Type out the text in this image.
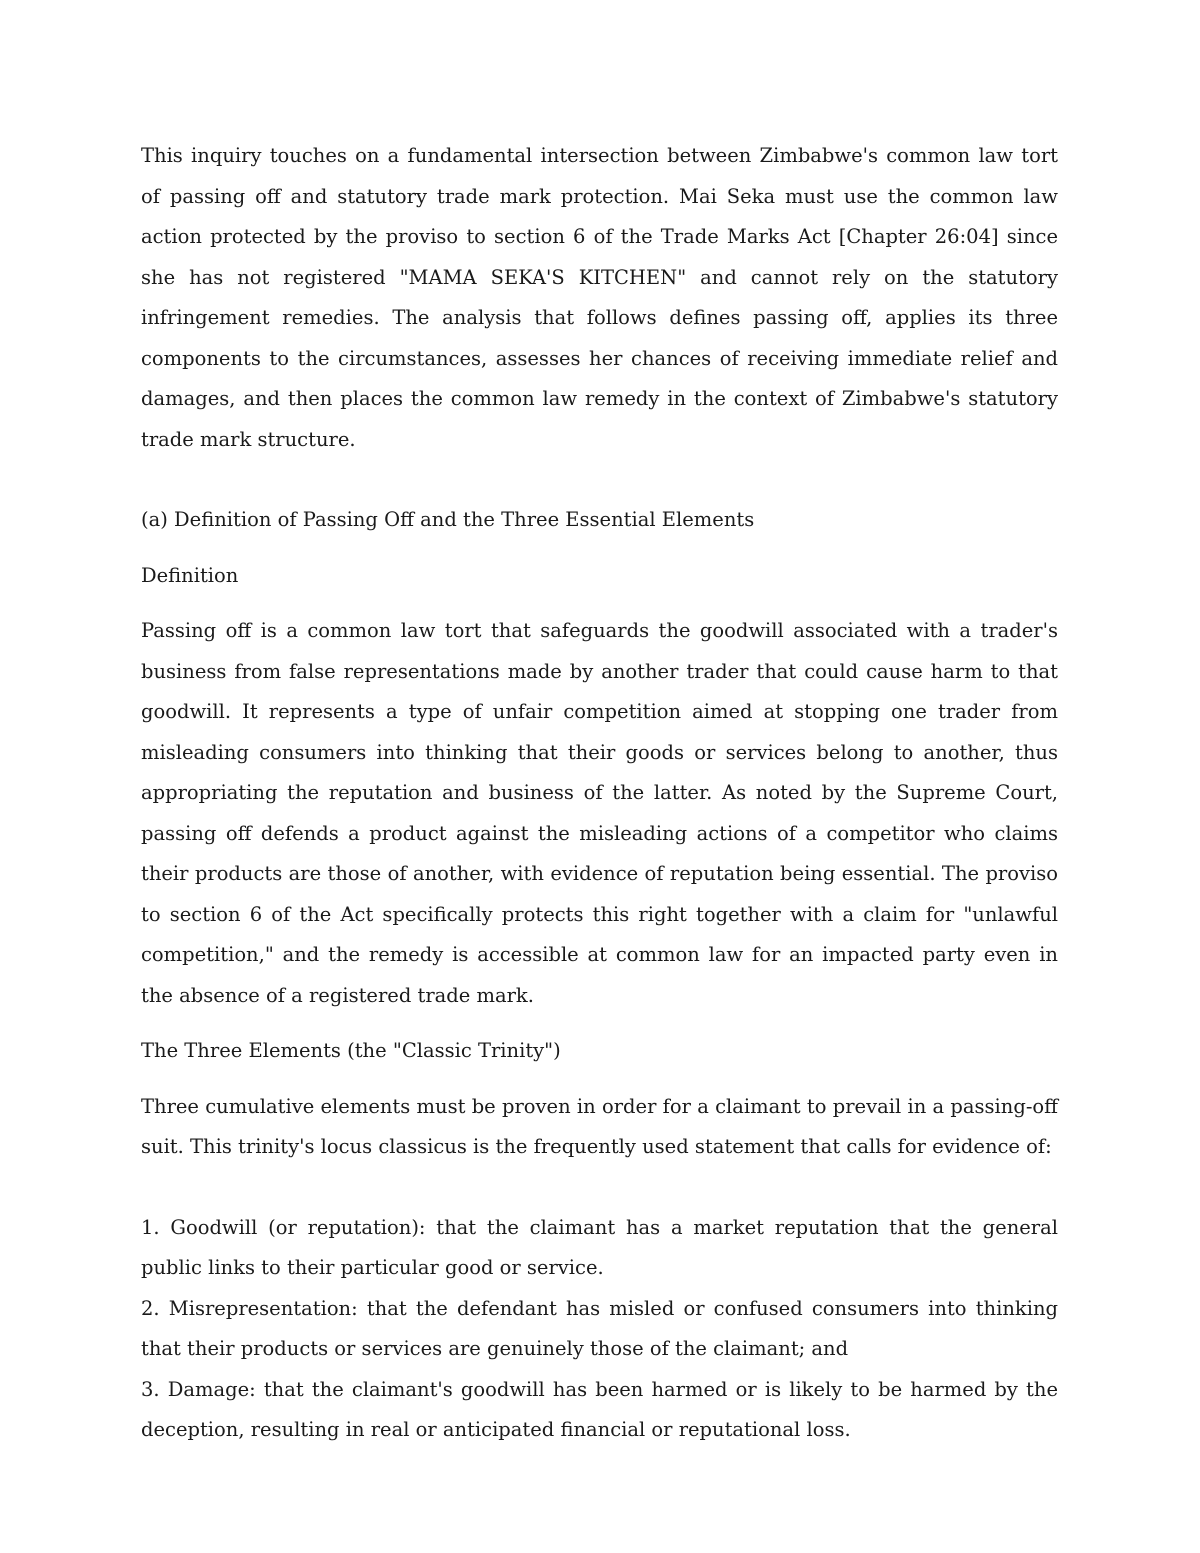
This inquiry touches on a fundamental intersection between Zimbabwe's common law tort of passing off and statutory trade mark protection. Mai Seka must use the common law action protected by the proviso to section 6 of the Trade Marks Act [Chapter 26:04] since she has not registered "MAMA SEKA'S KITCHEN" and cannot rely on the statutory infringement remedies. The analysis that follows defines passing off, applies its three components to the circumstances, assesses her chances of receiving immediate relief and damages, and then places the common law remedy in the context of Zimbabwe's statutory trade mark structure.

(a) Definition of Passing Off and the Three Essential Elements

Definition

Passing off is a common law tort that safeguards the goodwill associated with a trader's business from false representations made by another trader that could cause harm to that goodwill. It represents a type of unfair competition aimed at stopping one trader from misleading consumers into thinking that their goods or services belong to another, thus appropriating the reputation and business of the latter. As noted by the Supreme Court, passing off defends a product against the misleading actions of a competitor who claims their products are those of another, with evidence of reputation being essential. The proviso to section 6 of the Act specifically protects this right together with a claim for "unlawful competition," and the remedy is accessible at common law for an impacted party even in the absence of a registered trade mark.

The Three Elements (the "Classic Trinity")

Three cumulative elements must be proven in order for a claimant to prevail in a passing-off suit. This trinity's locus classicus is the frequently used statement that calls for evidence of:

1. Goodwill (or reputation): that the claimant has a market reputation that the general public links to their particular good or service.

2. Misrepresentation: that the defendant has misled or confused consumers into thinking that their products or services are genuinely those of the claimant; and

3. Damage: that the claimant's goodwill has been harmed or is likely to be harmed by the deception, resulting in real or anticipated financial or reputational loss.
